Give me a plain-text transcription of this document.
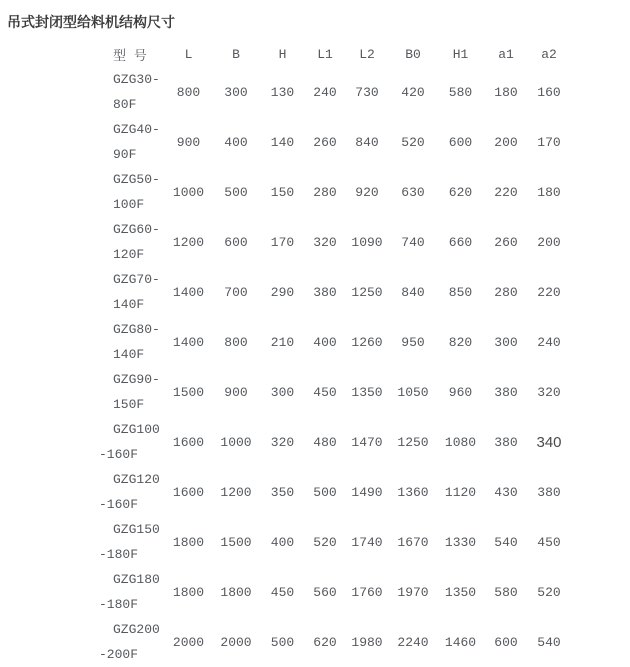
吊式封闭型给料机结构尺寸
型 号	L	B	H	L1	L2	B0	H1	a1	a2

GZG30-
80F	800	300	130	240	730	420	580	180	160

GZG40-
90F	900	400	140	260	840	520	600	200	170

GZG50-
100F	1000	500	150	280	920	630	620	220	180

GZG60-
120F	1200	600	170	320	1090	740	660	260	200

GZG70-
140F	1400	700	290	380	1250	840	850	280	220

GZG80-
140F	1400	800	210	400	1260	950	820	300	240

GZG90-
150F	1500	900	300	450	1350	1050	960	380	320

GZG100
-160F	1600	1000	320	480	1470	1250	1080	380	340

GZG120
-160F	1600	1200	350	500	1490	1360	1120	430	380

GZG150
-180F	1800	1500	400	520	1740	1670	1330	540	450

GZG180
-180F	1800	1800	450	560	1760	1970	1350	580	520

GZG200
-200F	2000	2000	500	620	1980	2240	1460	600	540
